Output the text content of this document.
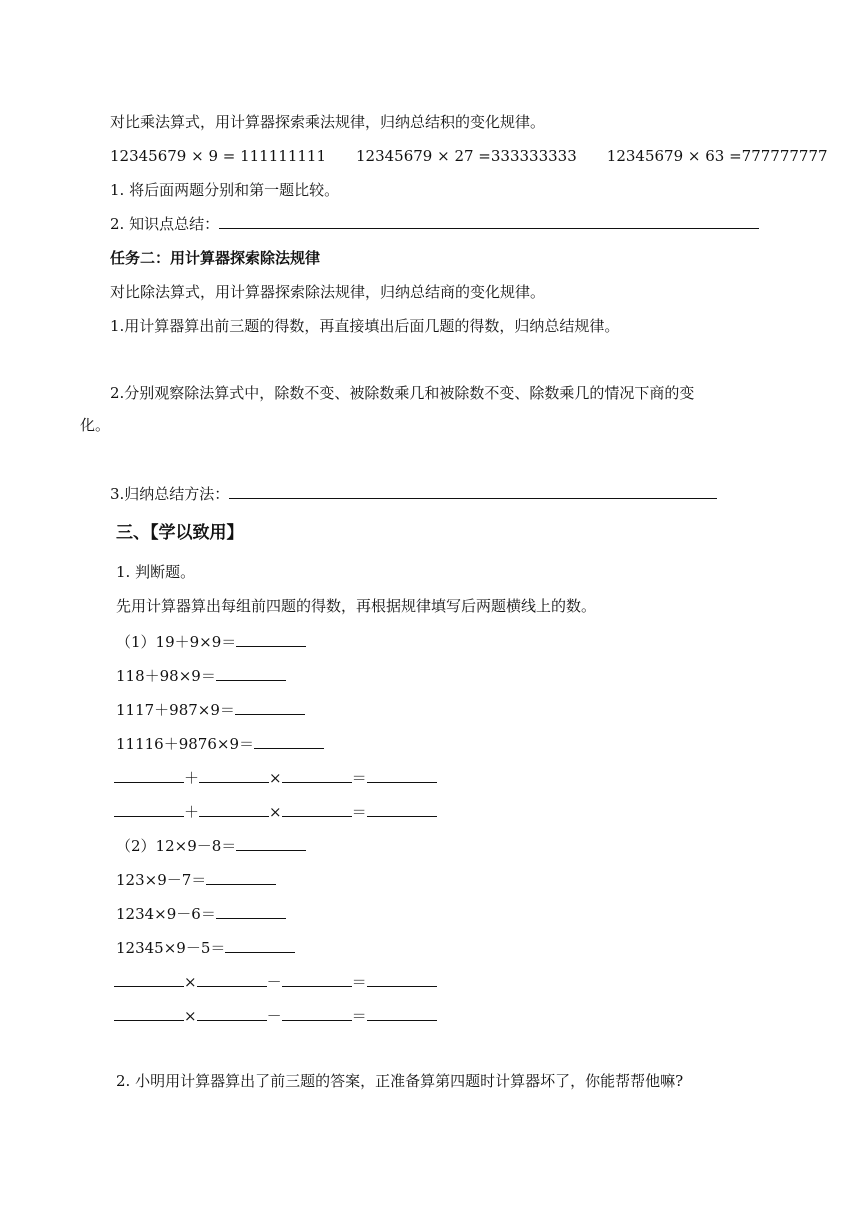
对比乘法算式，用计算器探索乘法规律，归纳总结积的变化规律。
12345679 × 9 = 111111111 12345679 × 27 =333333333 12345679 × 63 =777777777
1. 将后面两题分别和第一题比较。
2. 知识点总结：
任务二：用计算器探索除法规律
对比除法算式，用计算器探索除法规律，归纳总结商的变化规律。
1.用计算器算出前三题的得数，再直接填出后面几题的得数，归纳总结规律。
2.分别观察除法算式中，除数不变、被除数乘几和被除数不变、除数乘几的情况下商的变
化。
3.归纳总结方法：
三、【学以致用】
1. 判断题。
先用计算器算出每组前四题的得数，再根据规律填写后两题横线上的数。
（1）19＋9×9＝
118＋98×9＝
1117＋987×9＝
11116＋9876×9＝
＋	×	＝
＋	×	＝
（2）12×9－8＝
123×9－7＝
1234×9－6＝
12345×9－5＝
×	－	＝
×	－	＝
2. 小明用计算器算出了前三题的答案，正准备算第四题时计算器坏了，你能帮帮他嘛?
